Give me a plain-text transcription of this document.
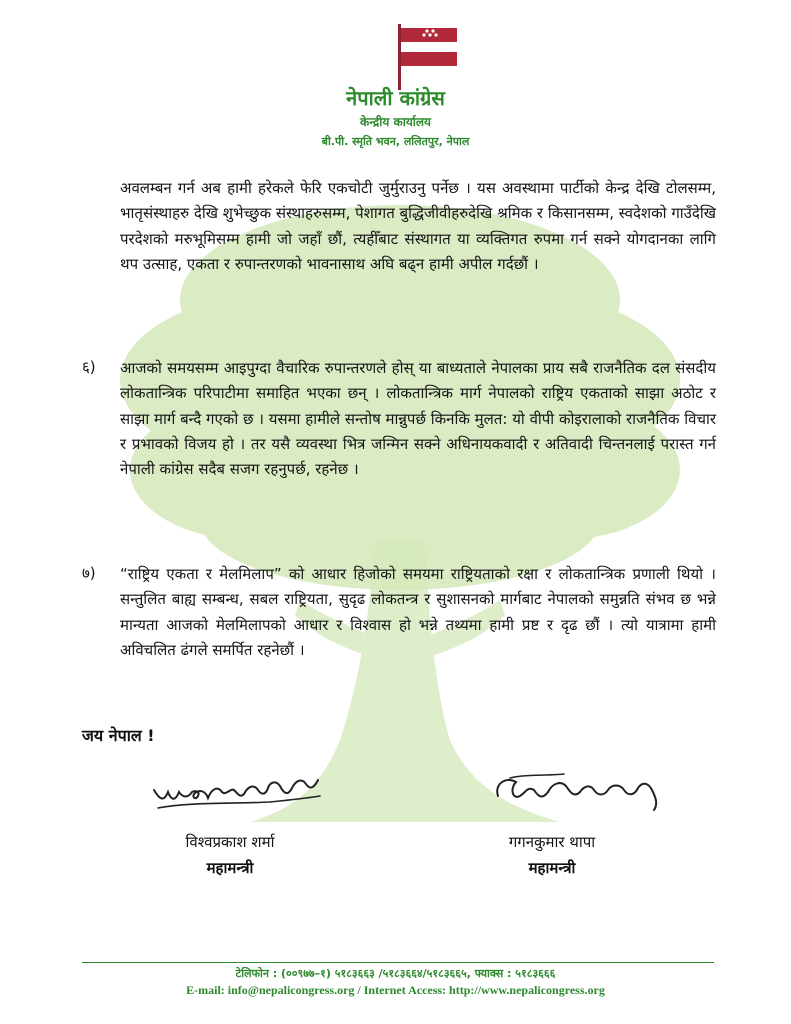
नेपाली कांग्रेस
केन्द्रीय कार्यालय
बी.पी. स्मृति भवन, ललितपुर, नेपाल
अवलम्बन गर्न अब हामी हरेकले फेरि एकचोटी जुर्मुराउनु पर्नेछ । यस अवस्थामा पार्टीको केन्द्र देखि टोलसम्म, भातृसंस्थाहरु देखि शुभेच्छुक संस्थाहरुसम्म, पेशागत बुद्धिजीवीहरुदेखि श्रमिक र किसानसम्म, स्वदेशको गाउँदेखि परदेशको मरुभूमिसम्म हामी जो जहाँ छौं, त्यहीँबाट संस्थागत या व्यक्तिगत रुपमा गर्न सक्ने योगदानका लागि थप उत्साह, एकता र रुपान्तरणको भावनासाथ अघि बढ्न हामी अपील गर्दछौं ।
६) आजको समयसम्म आइपुग्दा वैचारिक रुपान्तरणले होस् या बाध्यताले नेपालका प्राय सबै राजनैतिक दल संसदीय लोकतान्त्रिक परिपाटीमा समाहित भएका छन् । लोकतान्त्रिक मार्ग नेपालको राष्ट्रिय एकताको साझा अठोट र साझा मार्ग बन्दै गएको छ । यसमा हामीले सन्तोष मान्नुपर्छ किनकि मुलत: यो वीपी कोइरालाको राजनैतिक विचार र प्रभावको विजय हो । तर यसै व्यवस्था भित्र जन्मिन सक्ने अधिनायकवादी र अतिवादी चिन्तनलाई परास्त गर्न नेपाली कांग्रेस सदैब सजग रहनुपर्छ, रहनेछ ।
७) “राष्ट्रिय एकता र मेलमिलाप” को आधार हिजोको समयमा राष्ट्रियताको रक्षा र लोकतान्त्रिक प्रणाली थियो । सन्तुलित बाह्य सम्बन्ध, सबल राष्ट्रियता, सुदृढ लोकतन्त्र र सुशासनको मार्गबाट नेपालको समुन्नति संभव छ भन्ने मान्यता आजको मेलमिलापको आधार र विश्वास हो भन्ने तथ्यमा हामी प्रष्ट र दृढ छौं । त्यो यात्रामा हामी अविचलित ढंगले समर्पित रहनेछौं ।
जय नेपाल !
विश्वप्रकाश शर्मा
महामन्त्री
गगनकुमार थापा
महामन्त्री
टेलिफोन : (००९७७–१) ५१८३६६३ /५१८३६६४/५१८३६६५, फ्याक्स : ५१८३६६६
E-mail: info@nepalicongress.org / Internet Access: http://www.nepalicongress.org
